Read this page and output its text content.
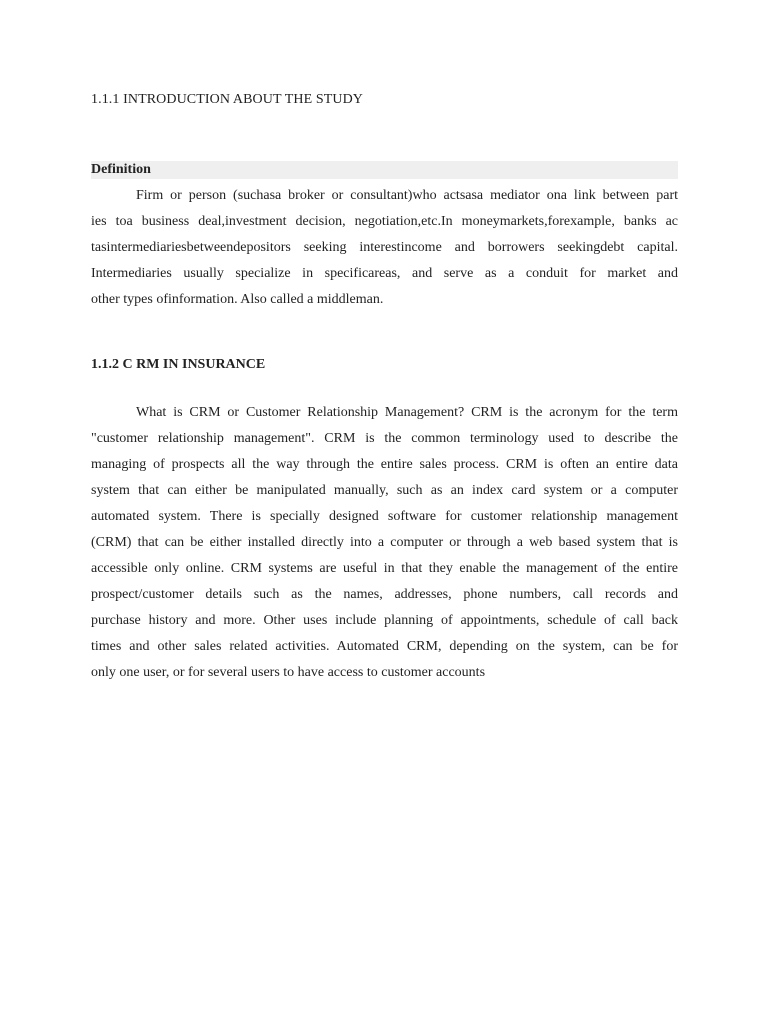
1.1.1 INTRODUCTION ABOUT THE STUDY
Definition
Firm or person (suchasa broker or consultant)who actsasa mediator ona link between part
ies toa business deal,investment decision, negotiation,etc.In moneymarkets,forexample, banks ac
tasintermediariesbetweendepositors seeking interestincome and borrowers seekingdebt capital.
Intermediaries usually specialize in specificareas, and serve as a conduit for market and
other types ofinformation. Also called a middleman.
1.1.2 C RM IN INSURANCE
What is CRM or Customer Relationship Management? CRM is the acronym for the term
"customer relationship management". CRM is the common terminology used to describe the
managing of prospects all the way through the entire sales process. CRM is often an entire data
system that can either be manipulated manually, such as an index card system or a computer
automated system. There is specially designed software for customer relationship management
(CRM) that can be either installed directly into a computer or through a web based system that is
accessible only online. CRM systems are useful in that they enable the management of the entire
prospect/customer details such as the names, addresses, phone numbers, call records and
purchase history and more. Other uses include planning of appointments, schedule of call back
times and other sales related activities. Automated CRM, depending on the system, can be for
only one user, or for several users to have access to customer accounts
